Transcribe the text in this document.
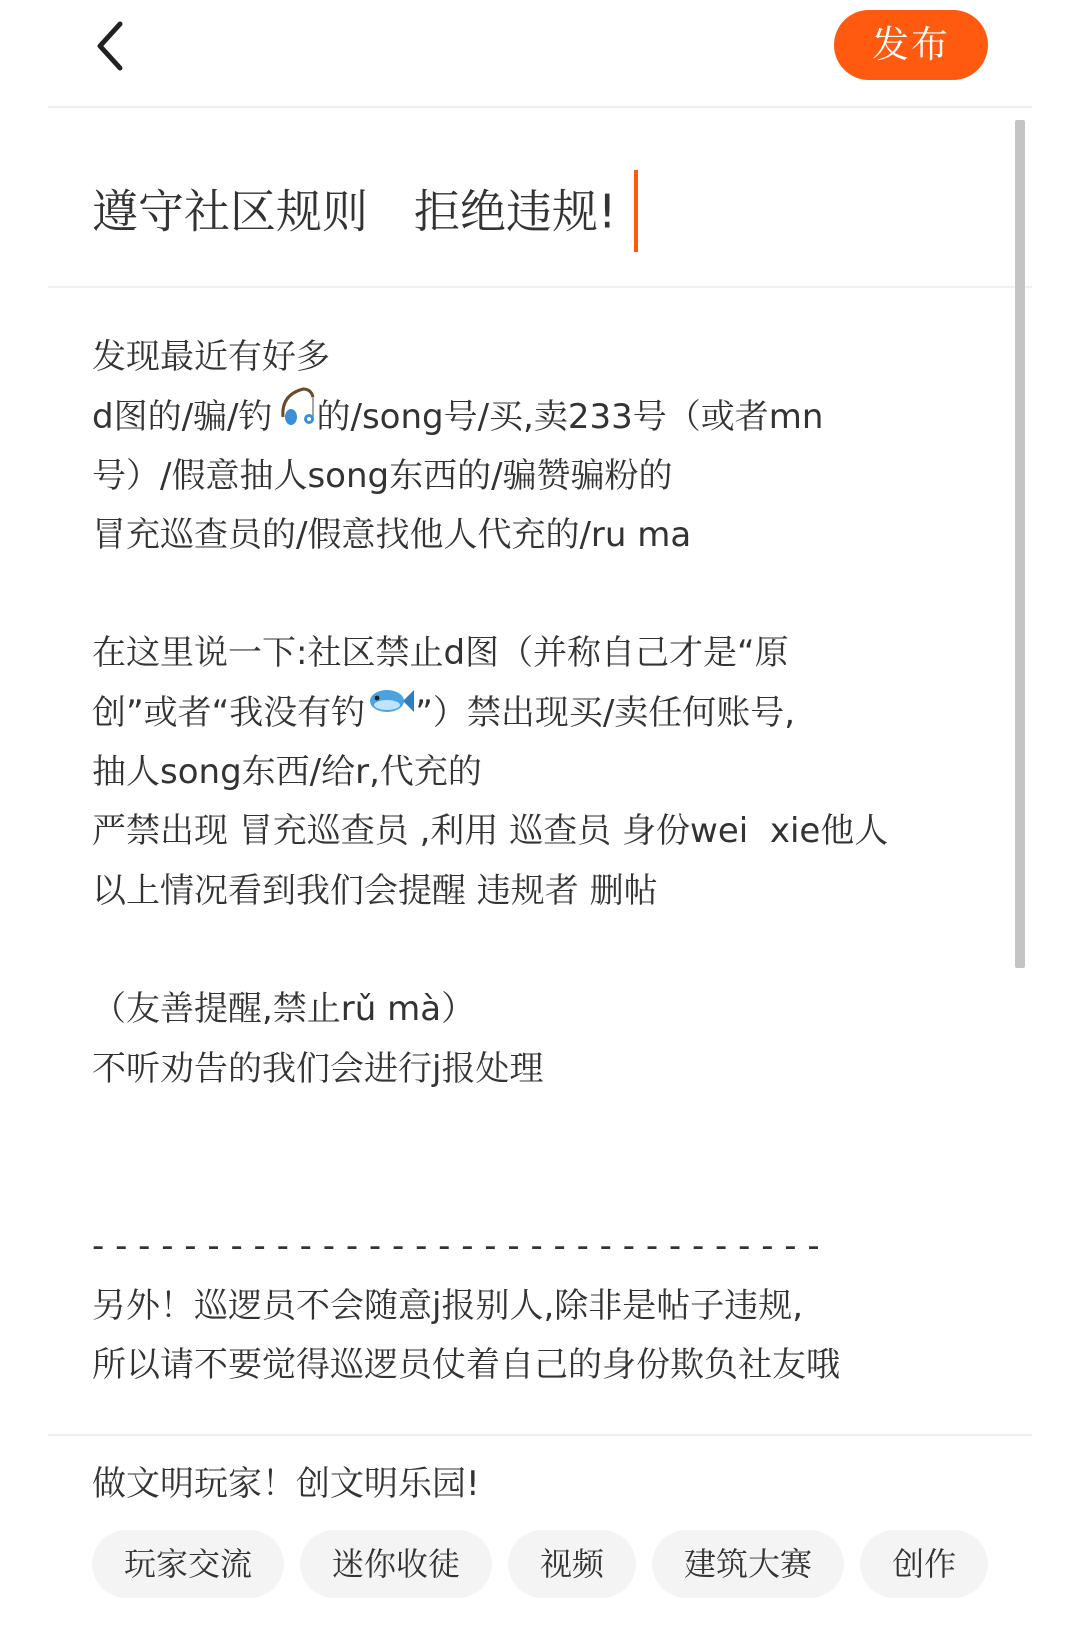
发布
遵守社区规则　拒绝违规!
发现最近有好多
d图的/骗/钓 的/song号/买,卖233号（或者mn
号）/假意抽人song东西的/骗赞骗粉的
冒充巡查员的/假意找他人代充的/ru ma
在这里说一下:社区禁止d图（并称自己才是“原
创”或者“我没有钓 ”）禁出现买/卖任何账号,
抽人song东西/给r,代充的
严禁出现 冒充巡查员 ,利用 巡查员 身份wei  xie他人
以上情况看到我们会提醒 违规者 删帖
（友善提醒,禁止rǔ mà）
不听劝告的我们会进行j报处理
- - - - - - - - - - - - - - - - - - - - - - - - - - - - - - - -
另外！巡逻员不会随意j报别人,除非是帖子违规,
所以请不要觉得巡逻员仗着自己的身份欺负社友哦
做文明玩家！创文明乐园!
玩家交流	迷你收徒	视频	建筑大赛	创作
